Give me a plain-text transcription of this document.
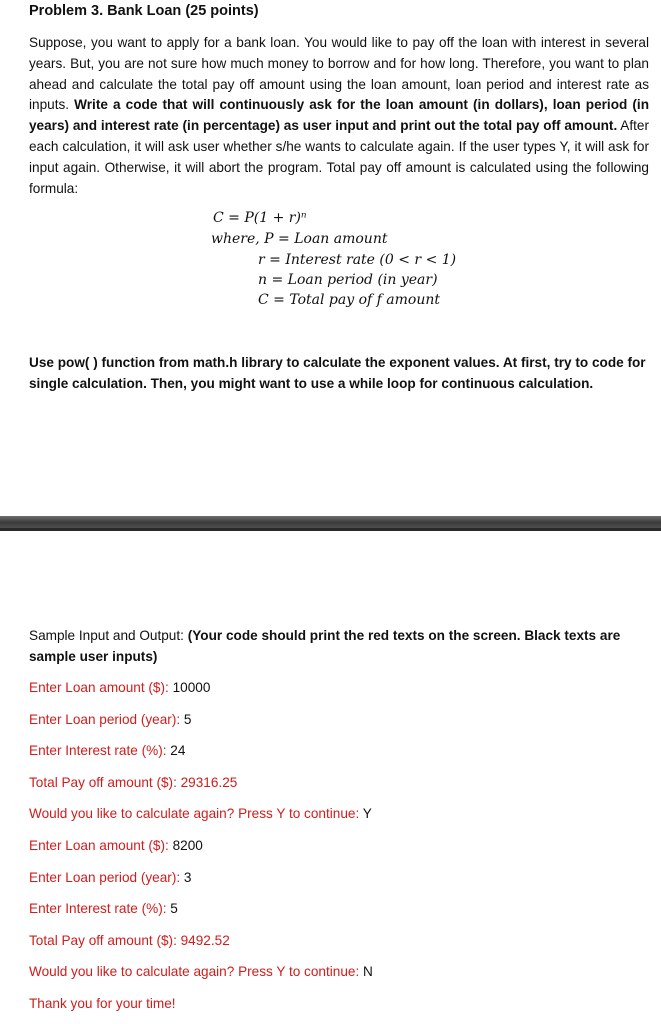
Problem 3. Bank Loan (25 points)
Suppose, you want to apply for a bank loan. You would like to pay off the loan with interest in several years. But, you are not sure how much money to borrow and for how long. Therefore, you want to plan ahead and calculate the total pay off amount using the loan amount, loan period and interest rate as inputs. Write a code that will continuously ask for the loan amount (in dollars), loan period (in years) and interest rate (in percentage) as user input and print out the total pay off amount. After each calculation, it will ask user whether s/he wants to calculate again. If the user types Y, it will ask for input again. Otherwise, it will abort the program. Total pay off amount is calculated using the following formula:
C = P(1 + r)ⁿ
where, P = Loan amount
r = Interest rate (0 < r < 1)
n = Loan period (in year)
C = Total pay of f amount
Use pow( ) function from math.h library to calculate the exponent values. At first, try to code for single calculation. Then, you might want to use a while loop for continuous calculation.
Sample Input and Output: (Your code should print the red texts on the screen. Black texts are sample user inputs)
Enter Loan amount ($): 10000
Enter Loan period (year): 5
Enter Interest rate (%): 24
Total Pay off amount ($): 29316.25
Would you like to calculate again? Press Y to continue: Y
Enter Loan amount ($): 8200
Enter Loan period (year): 3
Enter Interest rate (%): 5
Total Pay off amount ($): 9492.52
Would you like to calculate again? Press Y to continue: N
Thank you for your time!
